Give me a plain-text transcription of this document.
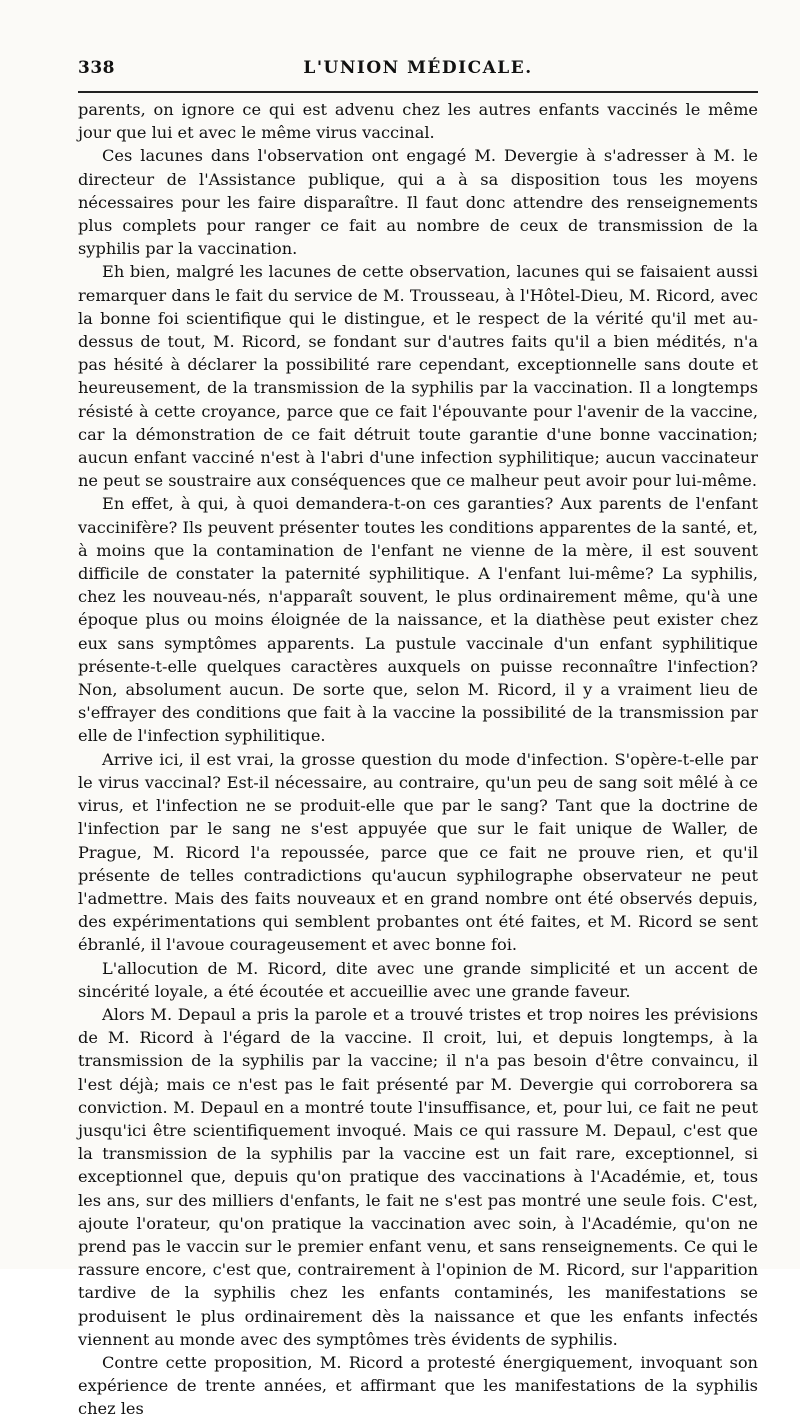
338	L'UNION MÉDICALE.

parents, on ignore ce qui est advenu chez les autres enfants vaccinés le même jour que lui et avec le même virus vaccinal.

Ces lacunes dans l'observation ont engagé M. Devergie à s'adresser à M. le directeur de l'Assistance publique, qui a à sa disposition tous les moyens nécessaires pour les faire disparaître. Il faut donc attendre des renseignements plus complets pour ranger ce fait au nombre de ceux de transmission de la syphilis par la vaccination.

Eh bien, malgré les lacunes de cette observation, lacunes qui se faisaient aussi remarquer dans le fait du service de M. Trousseau, à l'Hôtel-Dieu, M. Ricord, avec la bonne foi scientifique qui le distingue, et le respect de la vérité qu'il met au-dessus de tout, M. Ricord, se fondant sur d'autres faits qu'il a bien médités, n'a pas hésité à déclarer la possibilité rare cependant, exceptionnelle sans doute et heureusement, de la transmission de la syphilis par la vaccination. Il a longtemps résisté à cette croyance, parce que ce fait l'épouvante pour l'avenir de la vaccine, car la démonstration de ce fait détruit toute garantie d'une bonne vaccination; aucun enfant vacciné n'est à l'abri d'une infection syphilitique; aucun vaccinateur ne peut se soustraire aux conséquences que ce malheur peut avoir pour lui-même.

En effet, à qui, à quoi demandera-t-on ces garanties? Aux parents de l'enfant vaccinifère? Ils peuvent présenter toutes les conditions apparentes de la santé, et, à moins que la contamination de l'enfant ne vienne de la mère, il est souvent difficile de constater la paternité syphilitique. A l'enfant lui-même? La syphilis, chez les nouveau-nés, n'apparaît souvent, le plus ordinairement même, qu'à une époque plus ou moins éloignée de la naissance, et la diathèse peut exister chez eux sans symptômes apparents. La pustule vaccinale d'un enfant syphilitique présente-t-elle quelques caractères auxquels on puisse reconnaître l'infection? Non, absolument aucun. De sorte que, selon M. Ricord, il y a vraiment lieu de s'effrayer des conditions que fait à la vaccine la possibilité de la transmission par elle de l'infection syphilitique.

Arrive ici, il est vrai, la grosse question du mode d'infection. S'opère-t-elle par le virus vaccinal? Est-il nécessaire, au contraire, qu'un peu de sang soit mêlé à ce virus, et l'infection ne se produit-elle que par le sang? Tant que la doctrine de l'infection par le sang ne s'est appuyée que sur le fait unique de Waller, de Prague, M. Ricord l'a repoussée, parce que ce fait ne prouve rien, et qu'il présente de telles contradictions qu'aucun syphilographe observateur ne peut l'admettre. Mais des faits nouveaux et en grand nombre ont été observés depuis, des expérimentations qui semblent probantes ont été faites, et M. Ricord se sent ébranlé, il l'avoue courageusement et avec bonne foi.

L'allocution de M. Ricord, dite avec une grande simplicité et un accent de sincérité loyale, a été écoutée et accueillie avec une grande faveur.

Alors M. Depaul a pris la parole et a trouvé tristes et trop noires les prévisions de M. Ricord à l'égard de la vaccine. Il croit, lui, et depuis longtemps, à la transmission de la syphilis par la vaccine; il n'a pas besoin d'être convaincu, il l'est déjà; mais ce n'est pas le fait présenté par M. Devergie qui corroborera sa conviction. M. Depaul en a montré toute l'insuffisance, et, pour lui, ce fait ne peut jusqu'ici être scientifiquement invoqué. Mais ce qui rassure M. Depaul, c'est que la transmission de la syphilis par la vaccine est un fait rare, exceptionnel, si exceptionnel que, depuis qu'on pratique des vaccinations à l'Académie, et, tous les ans, sur des milliers d'enfants, le fait ne s'est pas montré une seule fois. C'est, ajoute l'orateur, qu'on pratique la vaccination avec soin, à l'Académie, qu'on ne prend pas le vaccin sur le premier enfant venu, et sans renseignements. Ce qui le rassure encore, c'est que, contrairement à l'opinion de M. Ricord, sur l'apparition tardive de la syphilis chez les enfants contaminés, les manifestations se produisent le plus ordinairement dès la naissance et que les enfants infectés viennent au monde avec des symptômes très évidents de syphilis.

Contre cette proposition, M. Ricord a protesté énergiquement, invoquant son expérience de trente années, et affirmant que les manifestations de la syphilis chez les
